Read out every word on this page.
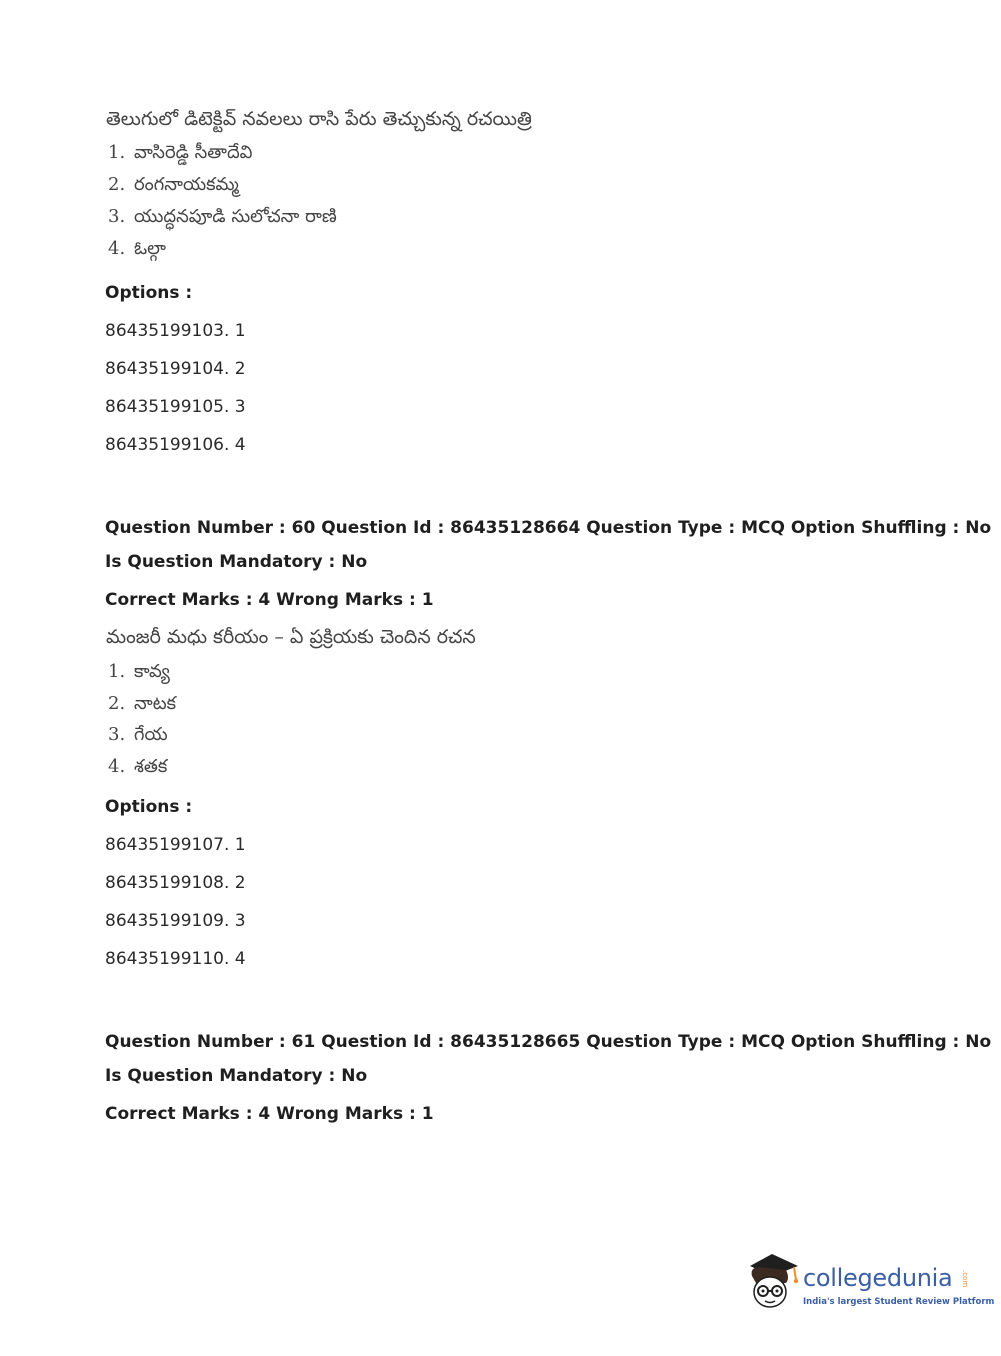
తెలుగులో డిటెక్టివ్ నవలలు రాసి పేరు తెచ్చుకున్న రచయిత్రి
1. వాసిరెడ్డి సీతాదేవి
2. రంగనాయకమ్మ
3. యుద్ధనపూడి సులోచనా రాణి
4. ఓల్గా
Options :
86435199103. 1
86435199104. 2
86435199105. 3
86435199106. 4
Question Number : 60 Question Id : 86435128664 Question Type : MCQ Option Shuffling : No
Is Question Mandatory : No
Correct Marks : 4 Wrong Marks : 1
మంజరీ మధు కరీయం – ఏ ప్రక్రియకు చెందిన రచన
1. కావ్య
2. నాటక
3. గేయ
4. శతక
Options :
86435199107. 1
86435199108. 2
86435199109. 3
86435199110. 4
Question Number : 61 Question Id : 86435128665 Question Type : MCQ Option Shuffling : No
Is Question Mandatory : No
Correct Marks : 4 Wrong Marks : 1
collegedunia .com
India's largest Student Review Platform
